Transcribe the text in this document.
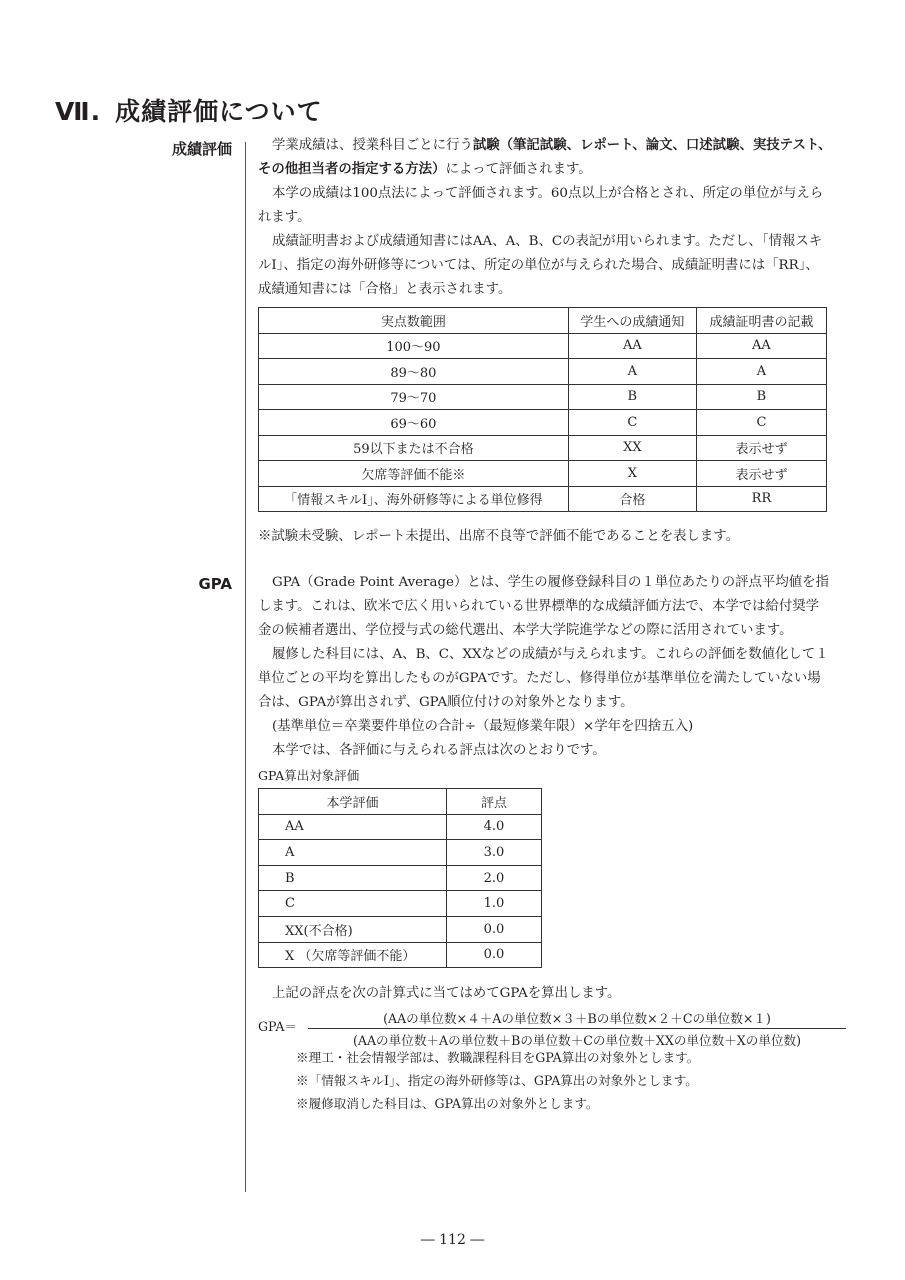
Ⅶ. 成績評価について
成績評価	学業成績は、授業科目ごとに行う試験（筆記試験、レポート、論文、口述試験、実技テスト、その他担当者の指定する方法）によって評価されます。

本学の成績は100点法によって評価されます。60点以上が合格とされ、所定の単位が与えられます。

成績証明書および成績通知書にはAA、A、B、Cの表記が用いられます。ただし、「情報スキルⅠ」、指定の海外研修等については、所定の単位が与えられた場合、成績証明書には「RR」、成績通知書には「合格」と表示されます。

実点数範囲	学生への成績通知	成績証明書の記載
100〜90	AA	AA
89〜80	A	A
79〜70	B	B
69〜60	C	C
59以下または不合格	XX	表示せず
欠席等評価不能※	X	表示せず
「情報スキルⅠ」、海外研修等による単位修得	合格	RR
※試験未受験、レポート未提出、出席不良等で評価不能であることを表します。
GPA	GPA（Grade Point Average）とは、学生の履修登録科目の１単位あたりの評点平均値を指します。これは、欧米で広く用いられている世界標準的な成績評価方法で、本学では給付奨学金の候補者選出、学位授与式の総代選出、本学大学院進学などの際に活用されています。

履修した科目には、A、B、C、XXなどの成績が与えられます。これらの評価を数値化して１単位ごとの平均を算出したものがGPAです。ただし、修得単位が基準単位を満たしていない場合は、GPAが算出されず、GPA順位付けの対象外となります。

(基準単位＝卒業要件単位の合計÷（最短修業年限）×学年を四捨五入)

本学では、各評価に与えられる評点は次のとおりです。

GPA算出対象評価
本学評価	評点
AA	4.0
A	3.0
B	2.0
C	1.0
XX(不合格)	0.0
X （欠席等評価不能）	0.0
上記の評点を次の計算式に当てはめてGPAを算出します。
GPA＝
(AAの単位数×４＋Aの単位数×３＋Bの単位数×２＋Cの単位数×１)
(AAの単位数＋Aの単位数＋Bの単位数＋Cの単位数＋XXの単位数＋Xの単位数)
※理工・社会情報学部は、教職課程科目をGPA算出の対象外とします。
※「情報スキルⅠ」、指定の海外研修等は、GPA算出の対象外とします。
※履修取消した科目は、GPA算出の対象外とします。
― 112 ―
